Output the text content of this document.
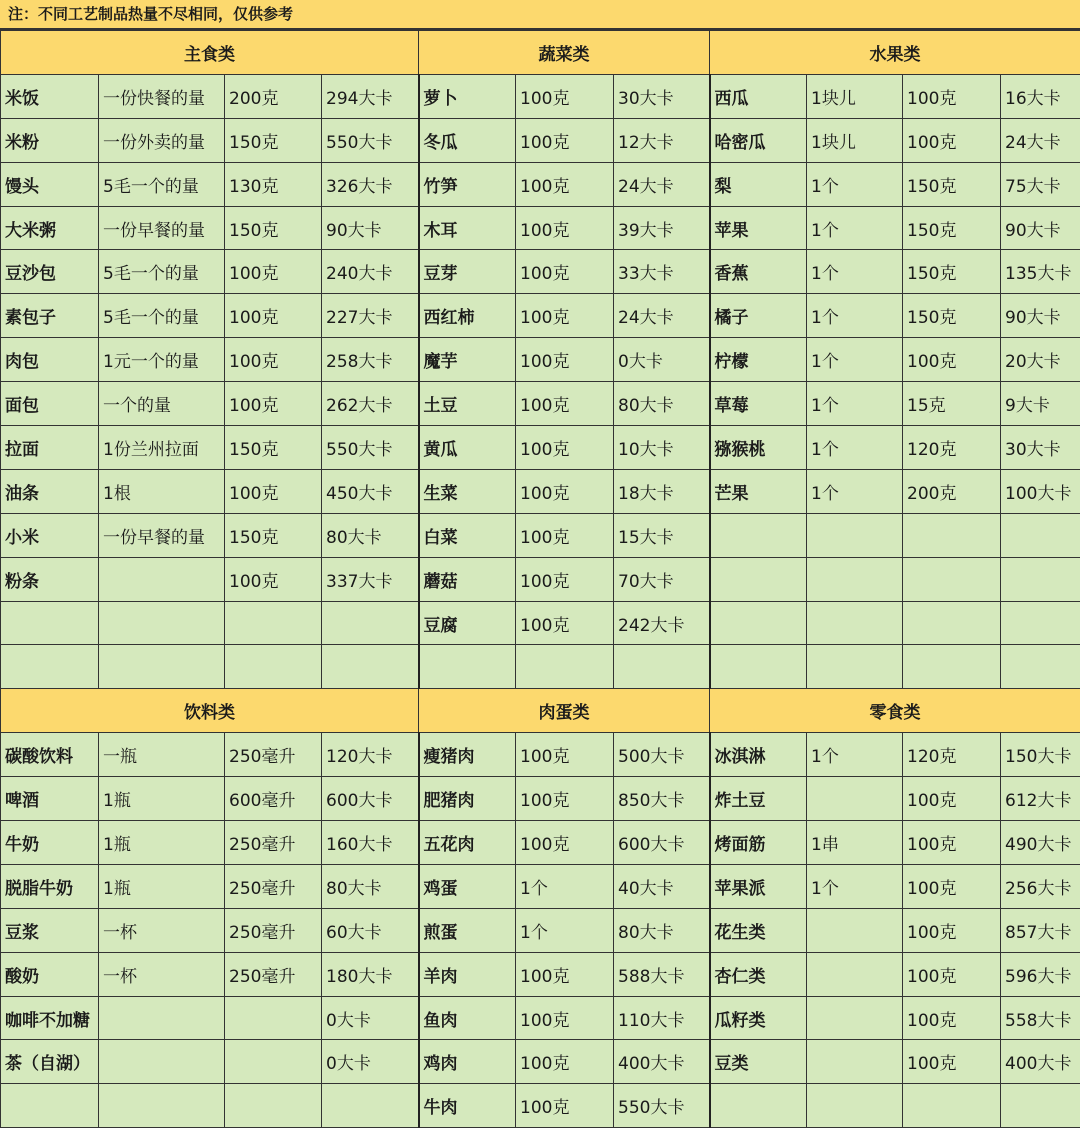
注：不同工艺制品热量不尽相同，仅供参考
主食类				蔬菜类			水果类			
米饭	一份快餐的量	200克	294大卡	萝卜	100克	30大卡	西瓜	1块儿	100克	16大卡
米粉	一份外卖的量	150克	550大卡	冬瓜	100克	12大卡	哈密瓜	1块儿	100克	24大卡
馒头	5毛一个的量	130克	326大卡	竹笋	100克	24大卡	梨	1个	150克	75大卡
大米粥	一份早餐的量	150克	90大卡	木耳	100克	39大卡	苹果	1个	150克	90大卡
豆沙包	5毛一个的量	100克	240大卡	豆芽	100克	33大卡	香蕉	1个	150克	135大卡
素包子	5毛一个的量	100克	227大卡	西红柿	100克	24大卡	橘子	1个	150克	90大卡
肉包	1元一个的量	100克	258大卡	魔芋	100克	0大卡	柠檬	1个	100克	20大卡
面包	一个的量	100克	262大卡	土豆	100克	80大卡	草莓	1个	15克	9大卡
拉面	1份兰州拉面	150克	550大卡	黄瓜	100克	10大卡	猕猴桃	1个	120克	30大卡
油条	1根	100克	450大卡	生菜	100克	18大卡	芒果	1个	200克	100大卡
小米	一份早餐的量	150克	80大卡	白菜	100克	15大卡				
粉条		100克	337大卡	蘑菇	100克	70大卡				
				豆腐	100克	242大卡				

饮料类				肉蛋类			零食类			
碳酸饮料	一瓶	250毫升	120大卡	瘦猪肉	100克	500大卡	冰淇淋	1个	120克	150大卡
啤酒	1瓶	600毫升	600大卡	肥猪肉	100克	850大卡	炸土豆		100克	612大卡
牛奶	1瓶	250毫升	160大卡	五花肉	100克	600大卡	烤面筋	1串	100克	490大卡
脱脂牛奶	1瓶	250毫升	80大卡	鸡蛋	1个	40大卡	苹果派	1个	100克	256大卡
豆浆	一杯	250毫升	60大卡	煎蛋	1个	80大卡	花生类		100克	857大卡
酸奶	一杯	250毫升	180大卡	羊肉	100克	588大卡	杏仁类		100克	596大卡
咖啡不加糖			0大卡	鱼肉	100克	110大卡	瓜籽类		100克	558大卡
茶（自湖）			0大卡	鸡肉	100克	400大卡	豆类		100克	400大卡
				牛肉	100克	550大卡				
